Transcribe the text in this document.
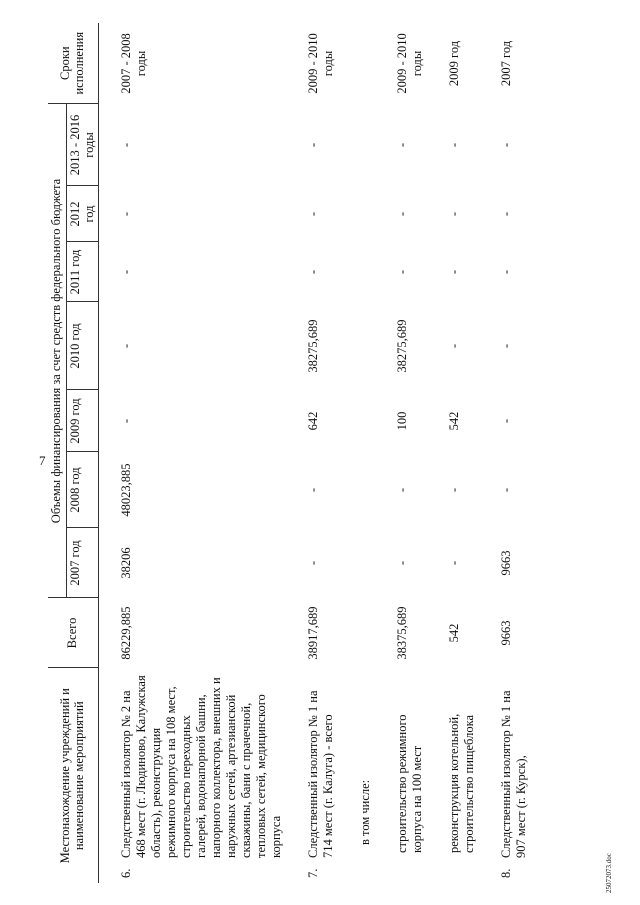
7
25072073.doc
Местонахождение учреждений и наименование мероприятий	Всего	Объемы финансирования за счет средств федерального бюджета	Сроки исполнения
2007 год	2008 год	2009 год	2010 год	2011 год	2012 год	2013 - 2016 годы

6.	Следственный изолятор № 2 на 468 мест (г. Людиново, Калужская область), реконструкция режимного корпуса на 108 мест, строительство переходных галерей, водонапорной башни, напорного коллектора, внешних и наружных сетей, артезианской скважины, бани с прачечной, тепловых сетей, медицинского корпуса
	86229,885	38206	48023,885	-	-	-	-	-	2007 - 2008 годы

7.	Следственный изолятор № 1 на 714 мест (г. Калуга) - всего
	38917,689	-	-	642	38275,689	-	-	-	2009 - 2010 годы

в том числе:	

строительство режимного корпуса на 100 мест	38375,689	-	-	100	38275,689	-	-	-	2009 - 2010 годы

реконструкция котельной, строительство пищеблока	542	-	-	542	-	-	-	-	2009 год

8.	Следственный изолятор № 1 на 907 мест (г. Курск),
	9663	9663	-	-	-	-	-	-	2007 год
